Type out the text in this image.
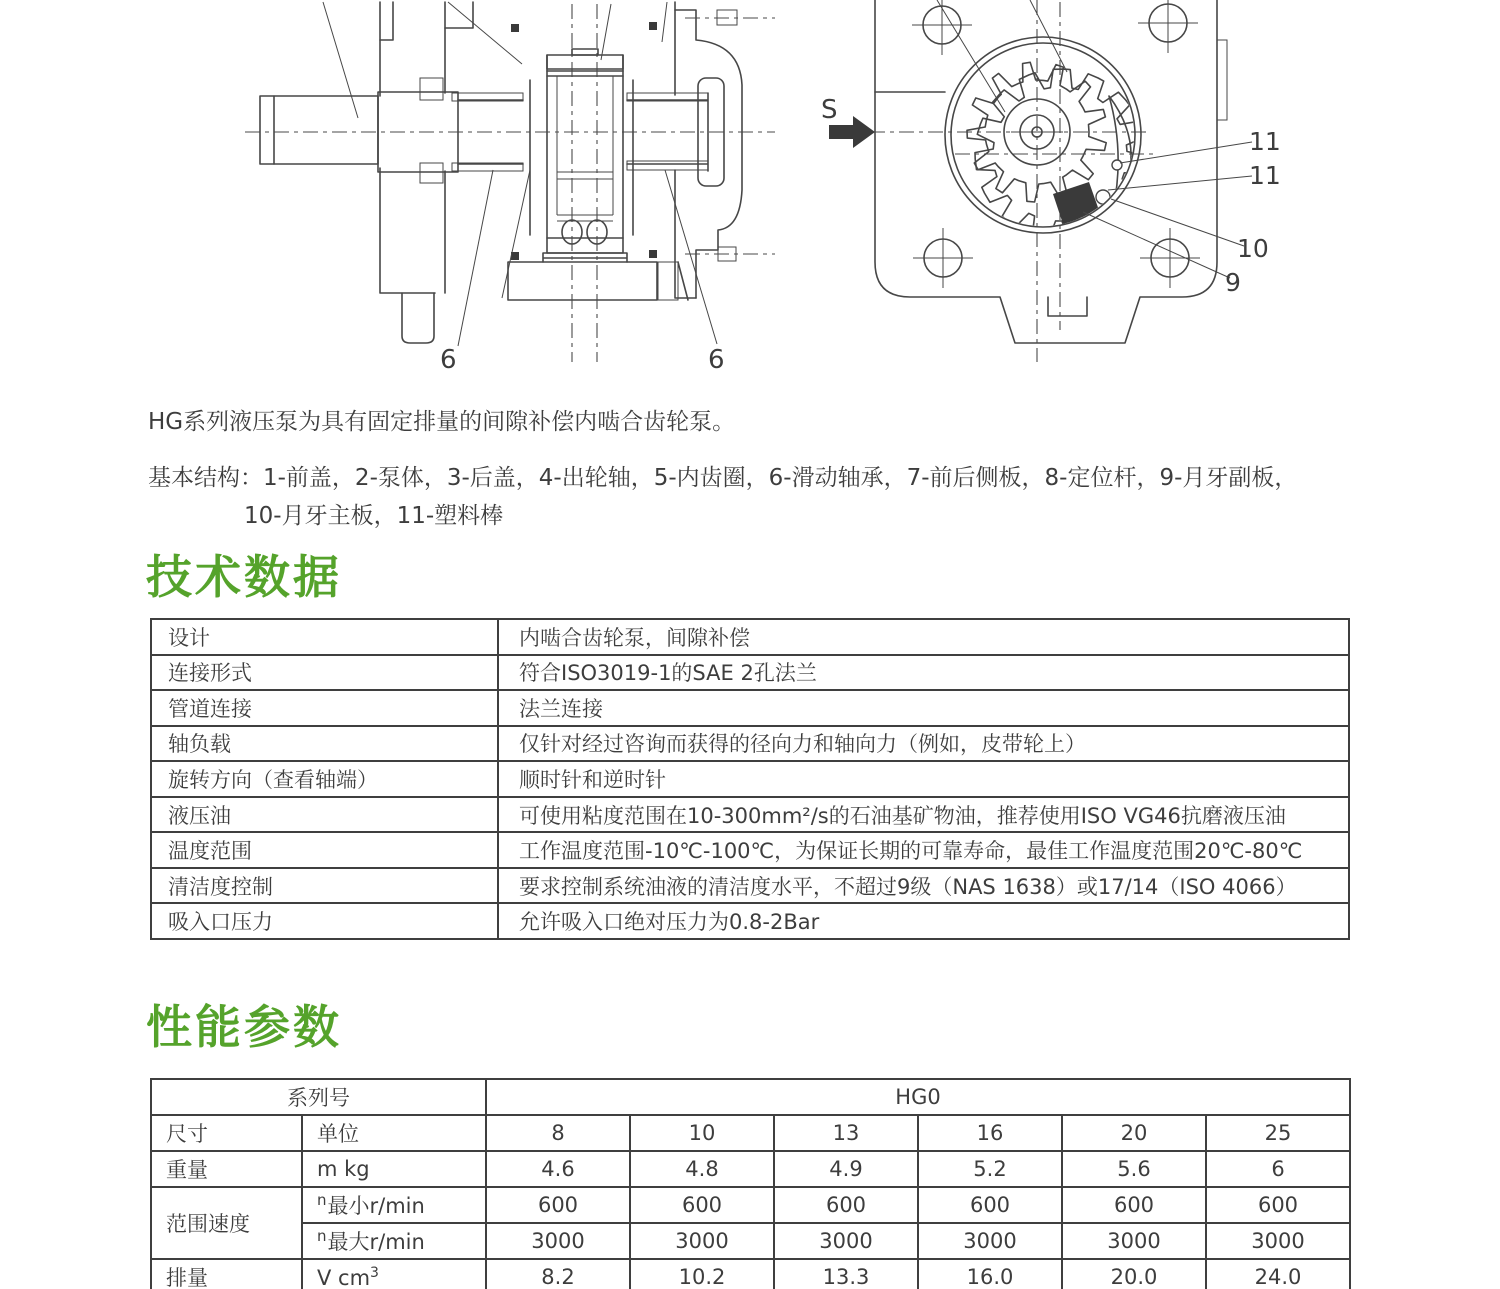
6	6
S
11
11
10
9
HG系列液压泵为具有固定排量的间隙补偿内啮合齿轮泵。
基本结构：1-前盖，2-泵体，3-后盖，4-出轮轴，5-内齿圈，6-滑动轴承，7-前后侧板，8-定位杆，9-月牙副板，
10-月牙主板，11-塑料棒
技术数据
设计	内啮合齿轮泵，间隙补偿
连接形式	符合ISO3019-1的SAE 2孔法兰
管道连接	法兰连接
轴负载	仅针对经过咨询而获得的径向力和轴向力（例如，皮带轮上）
旋转方向（查看轴端）	顺时针和逆时针
液压油	可使用粘度范围在10-300mm²/s的石油基矿物油，推荐使用ISO VG46抗磨液压油
温度范围	工作温度范围-10℃-100℃，为保证长期的可靠寿命，最佳工作温度范围20℃-80℃
清洁度控制	要求控制系统油液的清洁度水平，不超过9级（NAS 1638）或17/14（ISO 4066）
吸入口压力	允许吸入口绝对压力为0.8-2Bar
性能参数
系列号		HG0					
尺寸	单位	8	10	13	16	20	25
重量	m kg	4.6	4.8	4.9	5.2	5.6	6
范围速度	$^n$最小r/min	600	600	600	600	600	600
	$^n$最大r/min	3000	3000	3000	3000	3000	3000
排量	V $cm^3$	8.2	10.2	13.3	16.0	20.0	24.0
